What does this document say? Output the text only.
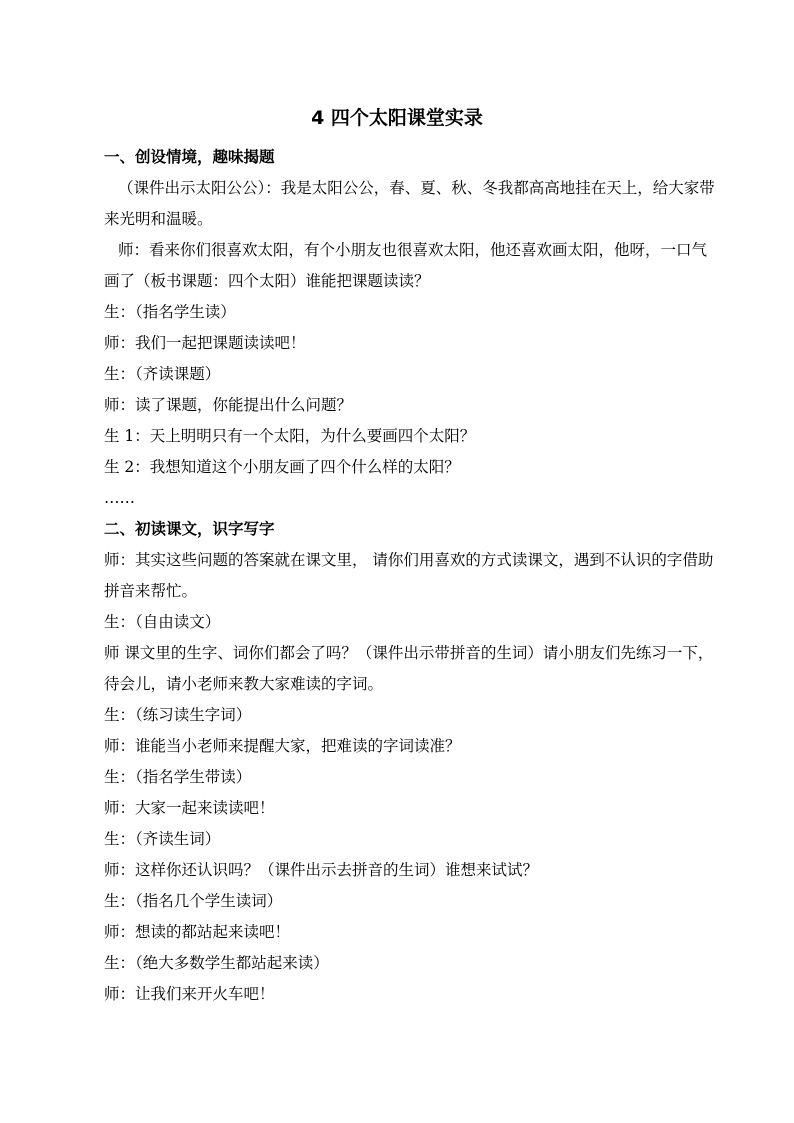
4 四个太阳课堂实录

一、创设情境，趣味揭题

（课件出示太阳公公）：我是太阳公公，春、夏、秋、冬我都高高地挂在天上，给大家带来光明和温暖。

师：看来你们很喜欢太阳，有个小朋友也很喜欢太阳，他还喜欢画太阳，他呀，一口气画了（板书课题：四个太阳）谁能把课题读读？

生：（指名学生读）

师：我们一起把课题读读吧！

生：（齐读课题）

师：读了课题，你能提出什么问题？

生 1：天上明明只有一个太阳，为什么要画四个太阳？

生 2：我想知道这个小朋友画了四个什么样的太阳？

……

二、初读课文，识字写字

师：其实这些问题的答案就在课文里， 请你们用喜欢的方式读课文，遇到不认识的字借助拼音来帮忙。

生：（自由读文）

师 课文里的生字、词你们都会了吗？（课件出示带拼音的生词）请小朋友们先练习一下，待会儿，请小老师来教大家难读的字词。

生：（练习读生字词）

师：谁能当小老师来提醒大家，把难读的字词读准？

生：（指名学生带读）

师：大家一起来读读吧！

生：（齐读生词）

师：这样你还认识吗？（课件出示去拼音的生词）谁想来试试？

生：（指名几个学生读词）

师：想读的都站起来读吧！

生：（绝大多数学生都站起来读）

师：让我们来开火车吧！
